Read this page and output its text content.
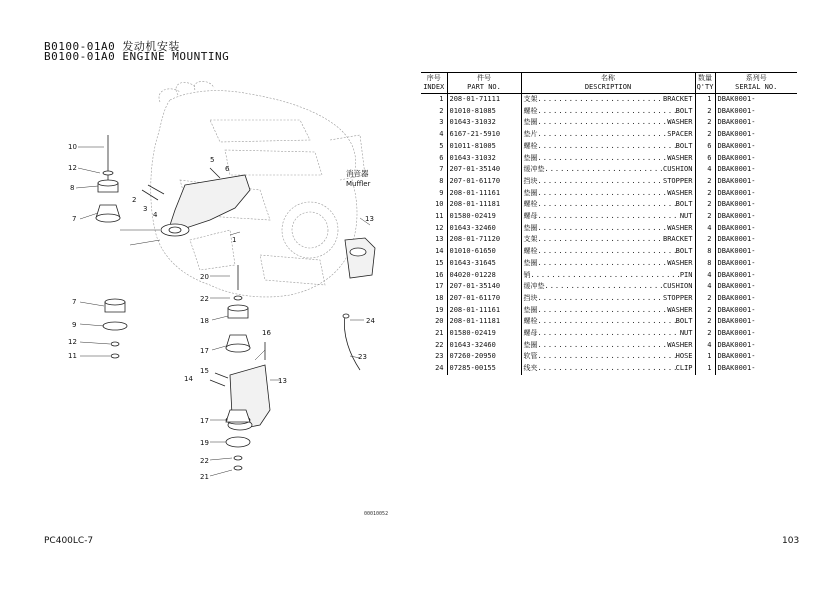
B0100-01A0 发动机安装
B0100-01A0 ENGINE MOUNTING
消音器
Muffler
10
12
8
7
5
6
2
3
4
1
13
20
22
18
16
17
15
14	13
7
9
12
11
24
23
17
19
22
21
00010052
序号	件号	名称	数量	系列号
INDEX	PART NO.	DESCRIPTION	Q'TY	SERIAL NO.
1	208-01-71111	支架 ..... BRACKET	1	DBAK0001-
2	01010-81085	螺栓 ..... BOLT	2	DBAK0001-
3	01643-31032	垫圈 ..... WASHER	2	DBAK0001-
4	6167-21-5910	垫片 ..... SPACER	2	DBAK0001-
5	01011-81005	螺栓 ..... BOLT	6	DBAK0001-
6	01643-31032	垫圈 ..... WASHER	6	DBAK0001-
7	207-01-35140	缓冲垫 ..... CUSHION	4	DBAK0001-
8	207-01-61170	挡块 ..... STOPPER	2	DBAK0001-
9	208-01-11161	垫圈 ..... WASHER	2	DBAK0001-
10	208-01-11181	螺栓 ..... BOLT	2	DBAK0001-
11	01580-02419	螺母 ..... NUT	2	DBAK0001-
12	01643-32460	垫圈 ..... WASHER	4	DBAK0001-
13	208-01-71120	支架 ..... BRACKET	2	DBAK0001-
14	01010-61650	螺栓 ..... BOLT	8	DBAK0001-
15	01643-31645	垫圈 ..... WASHER	8	DBAK0001-
16	04020-01228	销 ..... PIN	4	DBAK0001-
17	207-01-35140	缓冲垫 ..... CUSHION	4	DBAK0001-
18	207-01-61170	挡块 ..... STOPPER	2	DBAK0001-
19	208-01-11161	垫圈 ..... WASHER	2	DBAK0001-
20	208-01-11181	螺栓 ..... BOLT	2	DBAK0001-
21	01580-02419	螺母 ..... NUT	2	DBAK0001-
22	01643-32460	垫圈 ..... WASHER	4	DBAK0001-
23	07260-20950	软管 ..... HOSE	1	DBAK0001-
24	07285-00155	线夹 ..... CLIP	1	DBAK0001-
PC400LC-7	103
